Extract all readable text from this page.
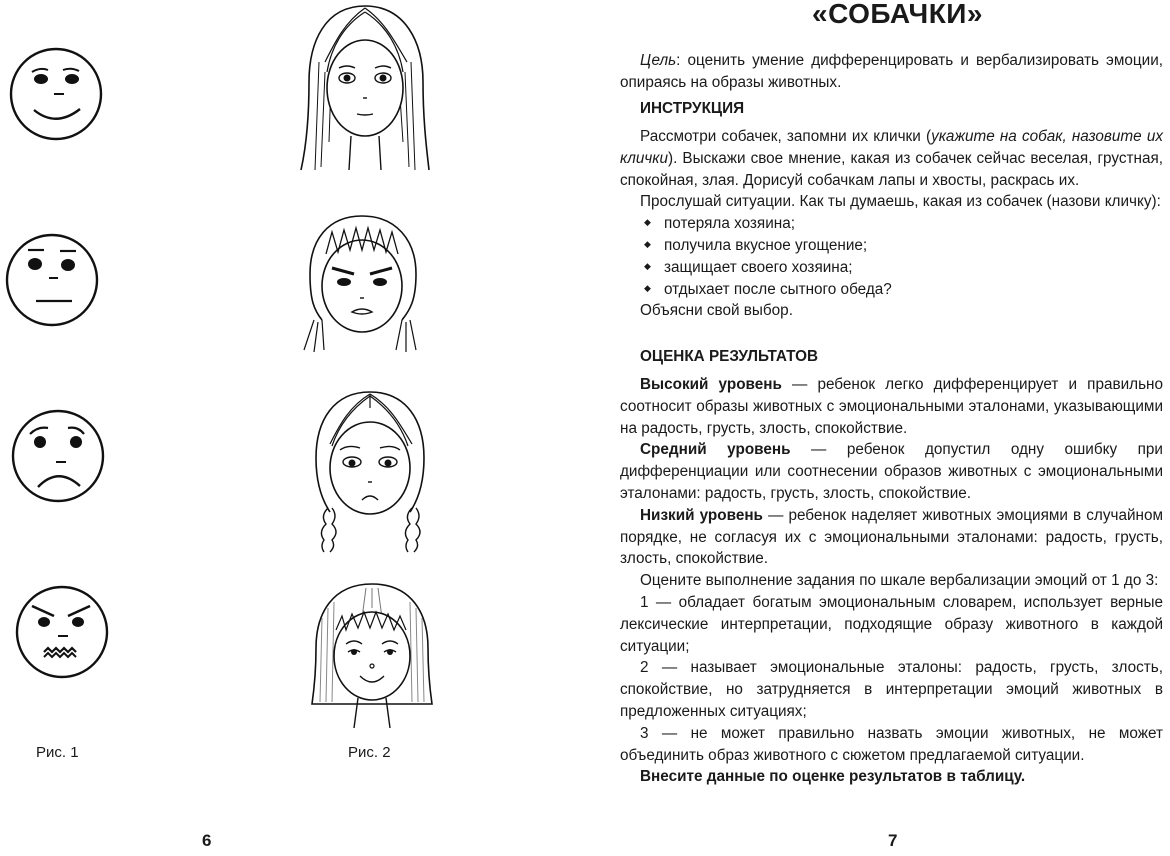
Рис. 1	Рис. 2
6
«СОБАЧКИ»

Цель: оценить умение дифференцировать и вербализировать эмоции, опираясь на образы животных.

ИНСТРУКЦИЯ

Рассмотри собачек, запомни их клички (укажите на собак, назовите их клички). Выскажи свое мнение, какая из собачек сейчас веселая, грустная, спокойная, злая. Дорисуй собачкам лапы и хвосты, раскрась их.

Прослушай ситуации. Как ты думаешь, какая из собачек (назови кличку):

◆ потеряла хозяина;
◆ получила вкусное угощение;
◆ защищает своего хозяина;
◆ отдыхает после сытного обеда?

Объясни свой выбор.

ОЦЕНКА РЕЗУЛЬТАТОВ

Высокий уровень — ребенок легко дифференцирует и правильно соотносит образы животных с эмоциональными эталонами, указывающими на радость, грусть, злость, спокойствие.

Средний уровень — ребенок допустил одну ошибку при дифференциации или соотнесении образов животных с эмоциональными эталонами: радость, грусть, злость, спокойствие.

Низкий уровень — ребенок наделяет животных эмоциями в случайном порядке, не согласуя их с эмоциональными эталонами: радость, грусть, злость, спокойствие.

Оцените выполнение задания по шкале вербализации эмоций от 1 до 3:

1 — обладает богатым эмоциональным словарем, использует верные лексические интерпретации, подходящие образу животного в каждой ситуации;

2 — называет эмоциональные эталоны: радость, грусть, злость, спокойствие, но затрудняется в интерпретации эмоций животных в предложенных ситуациях;

3 — не может правильно назвать эмоции животных, не может объединить образ животного с сюжетом предлагаемой ситуации.

Внесите данные по оценке результатов в таблицу.

7
